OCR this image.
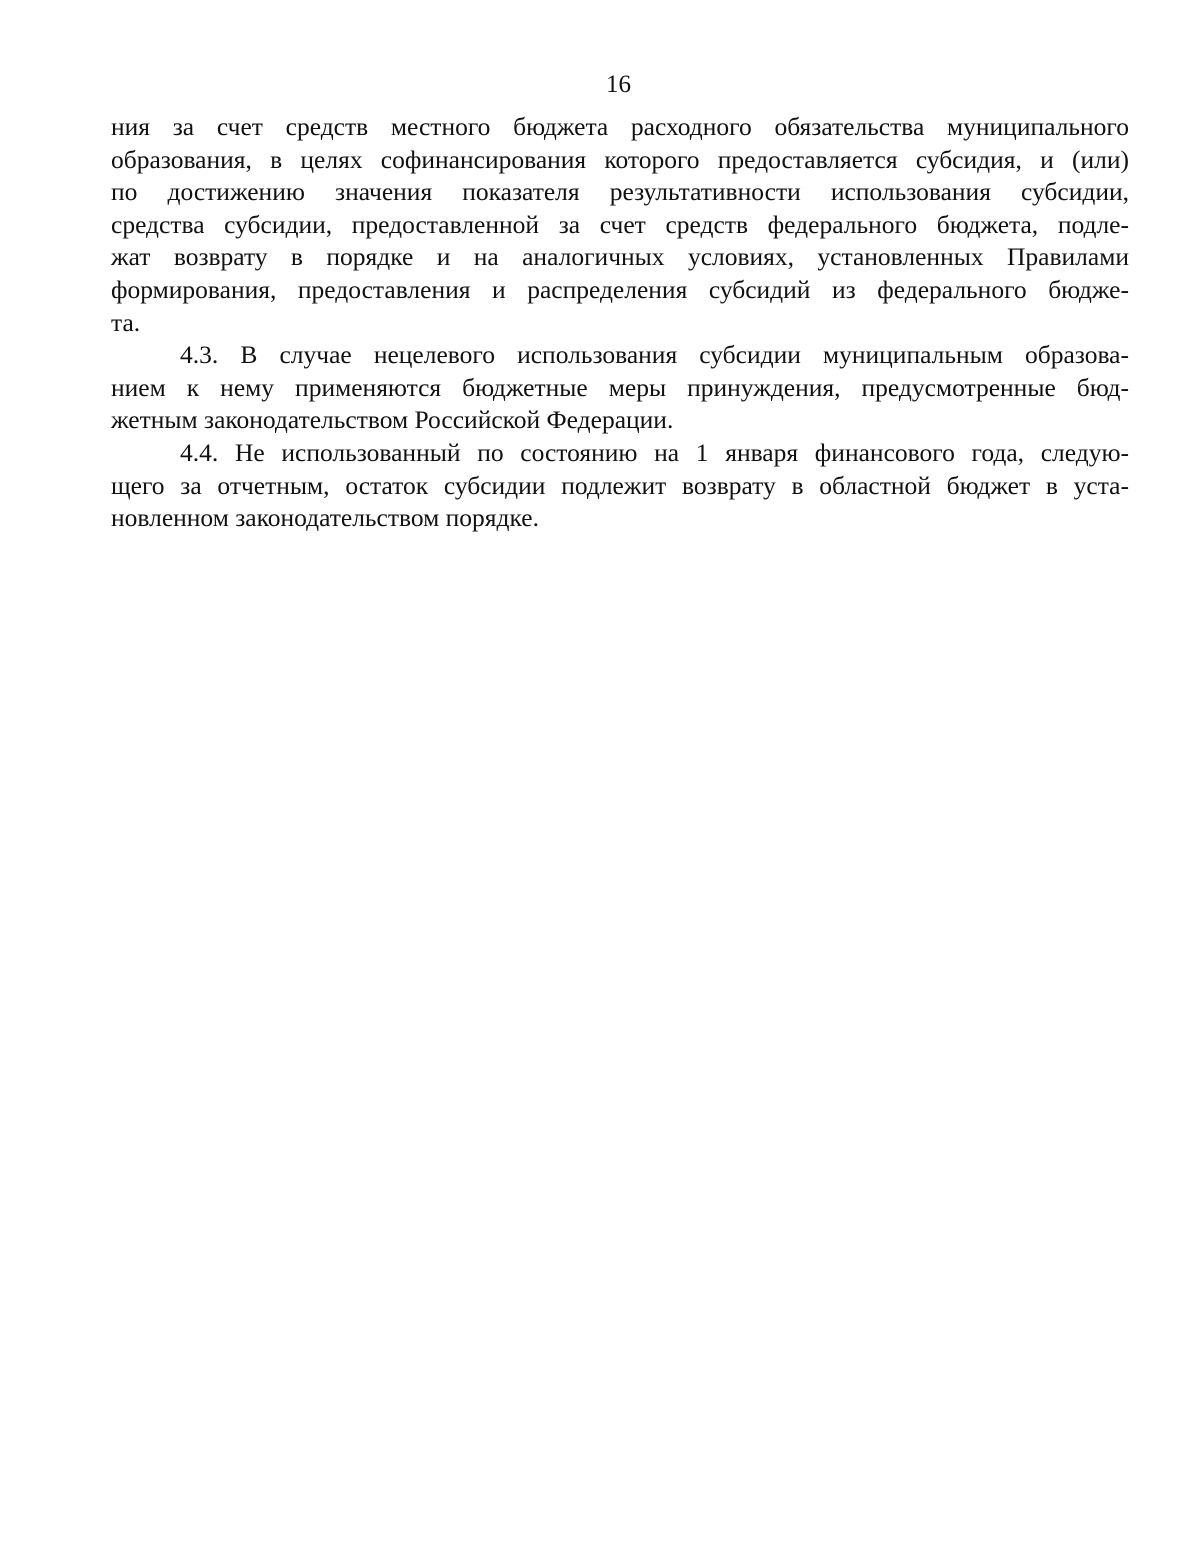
16
ния за счет средств местного бюджета расходного обязательства муниципального
образования, в целях софинансирования которого предоставляется субсидия, и (или)
по достижению значения показателя результативности использования субсидии,
средства субсидии, предоставленной за счет средств федерального бюджета, подле-
жат возврату в порядке и на аналогичных условиях, установленных Правилами
формирования, предоставления и распределения субсидий из федерального бюдже-
та.
4.3. В случае нецелевого использования субсидии муниципальным образова-
нием к нему применяются бюджетные меры принуждения, предусмотренные бюд-
жетным законодательством Российской Федерации.
4.4. Не использованный по состоянию на 1 января финансового года, следую-
щего за отчетным, остаток субсидии подлежит возврату в областной бюджет в уста-
новленном законодательством порядке.
